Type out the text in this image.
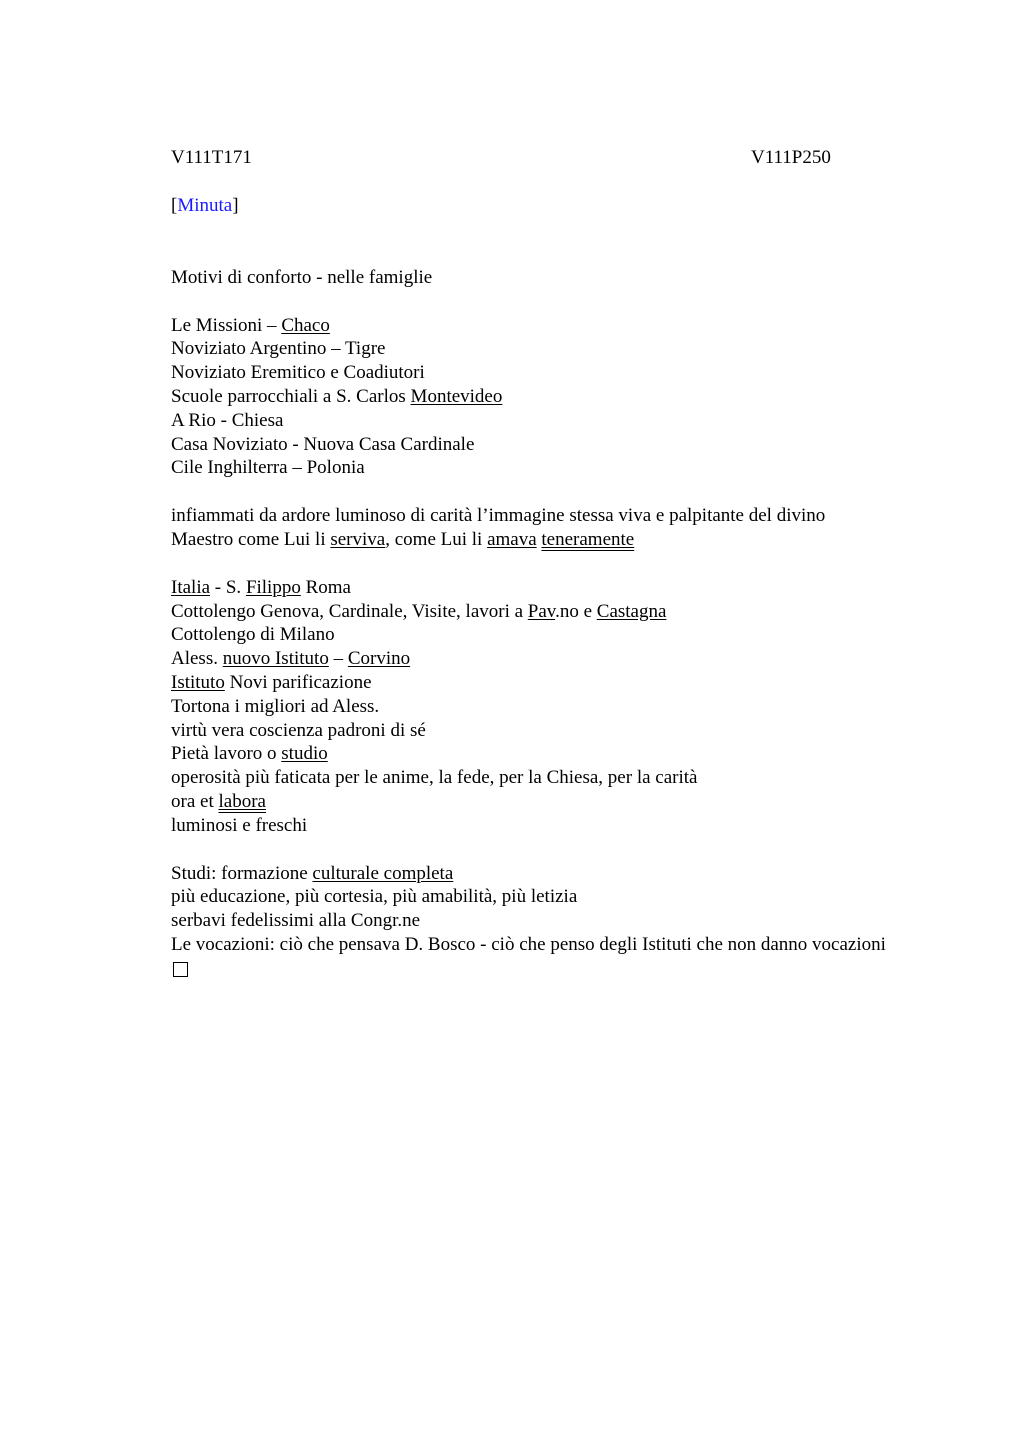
V111T171	V111P250
[Minuta]
Motivi di conforto - nelle famiglie
Le Missioni – Chaco
Noviziato Argentino – Tigre
Noviziato Eremitico e Coadiutori
Scuole parrocchiali a S. Carlos Montevideo
A Rio - Chiesa
Casa Noviziato - Nuova Casa Cardinale
Cile Inghilterra – Polonia
infiammati da ardore luminoso di carità l’immagine stessa viva e palpitante del divino Maestro come Lui li serviva, come Lui li amava teneramente
Italia - S. Filippo Roma
Cottolengo Genova, Cardinale, Visite, lavori a Pav.no e Castagna
Cottolengo di Milano
Aless. nuovo Istituto – Corvino
Istituto Novi parificazione
Tortona i migliori ad Aless.
virtù vera coscienza padroni di sé
Pietà lavoro o studio
operosità più faticata per le anime, la fede, per la Chiesa, per la carità
ora et labora
luminosi e freschi
Studi: formazione culturale completa
più educazione, più cortesia, più amabilità, più letizia
serbavi fedelissimi alla Congr.ne
Le vocazioni: ciò che pensava D. Bosco - ciò che penso degli Istituti che non danno vocazioni
